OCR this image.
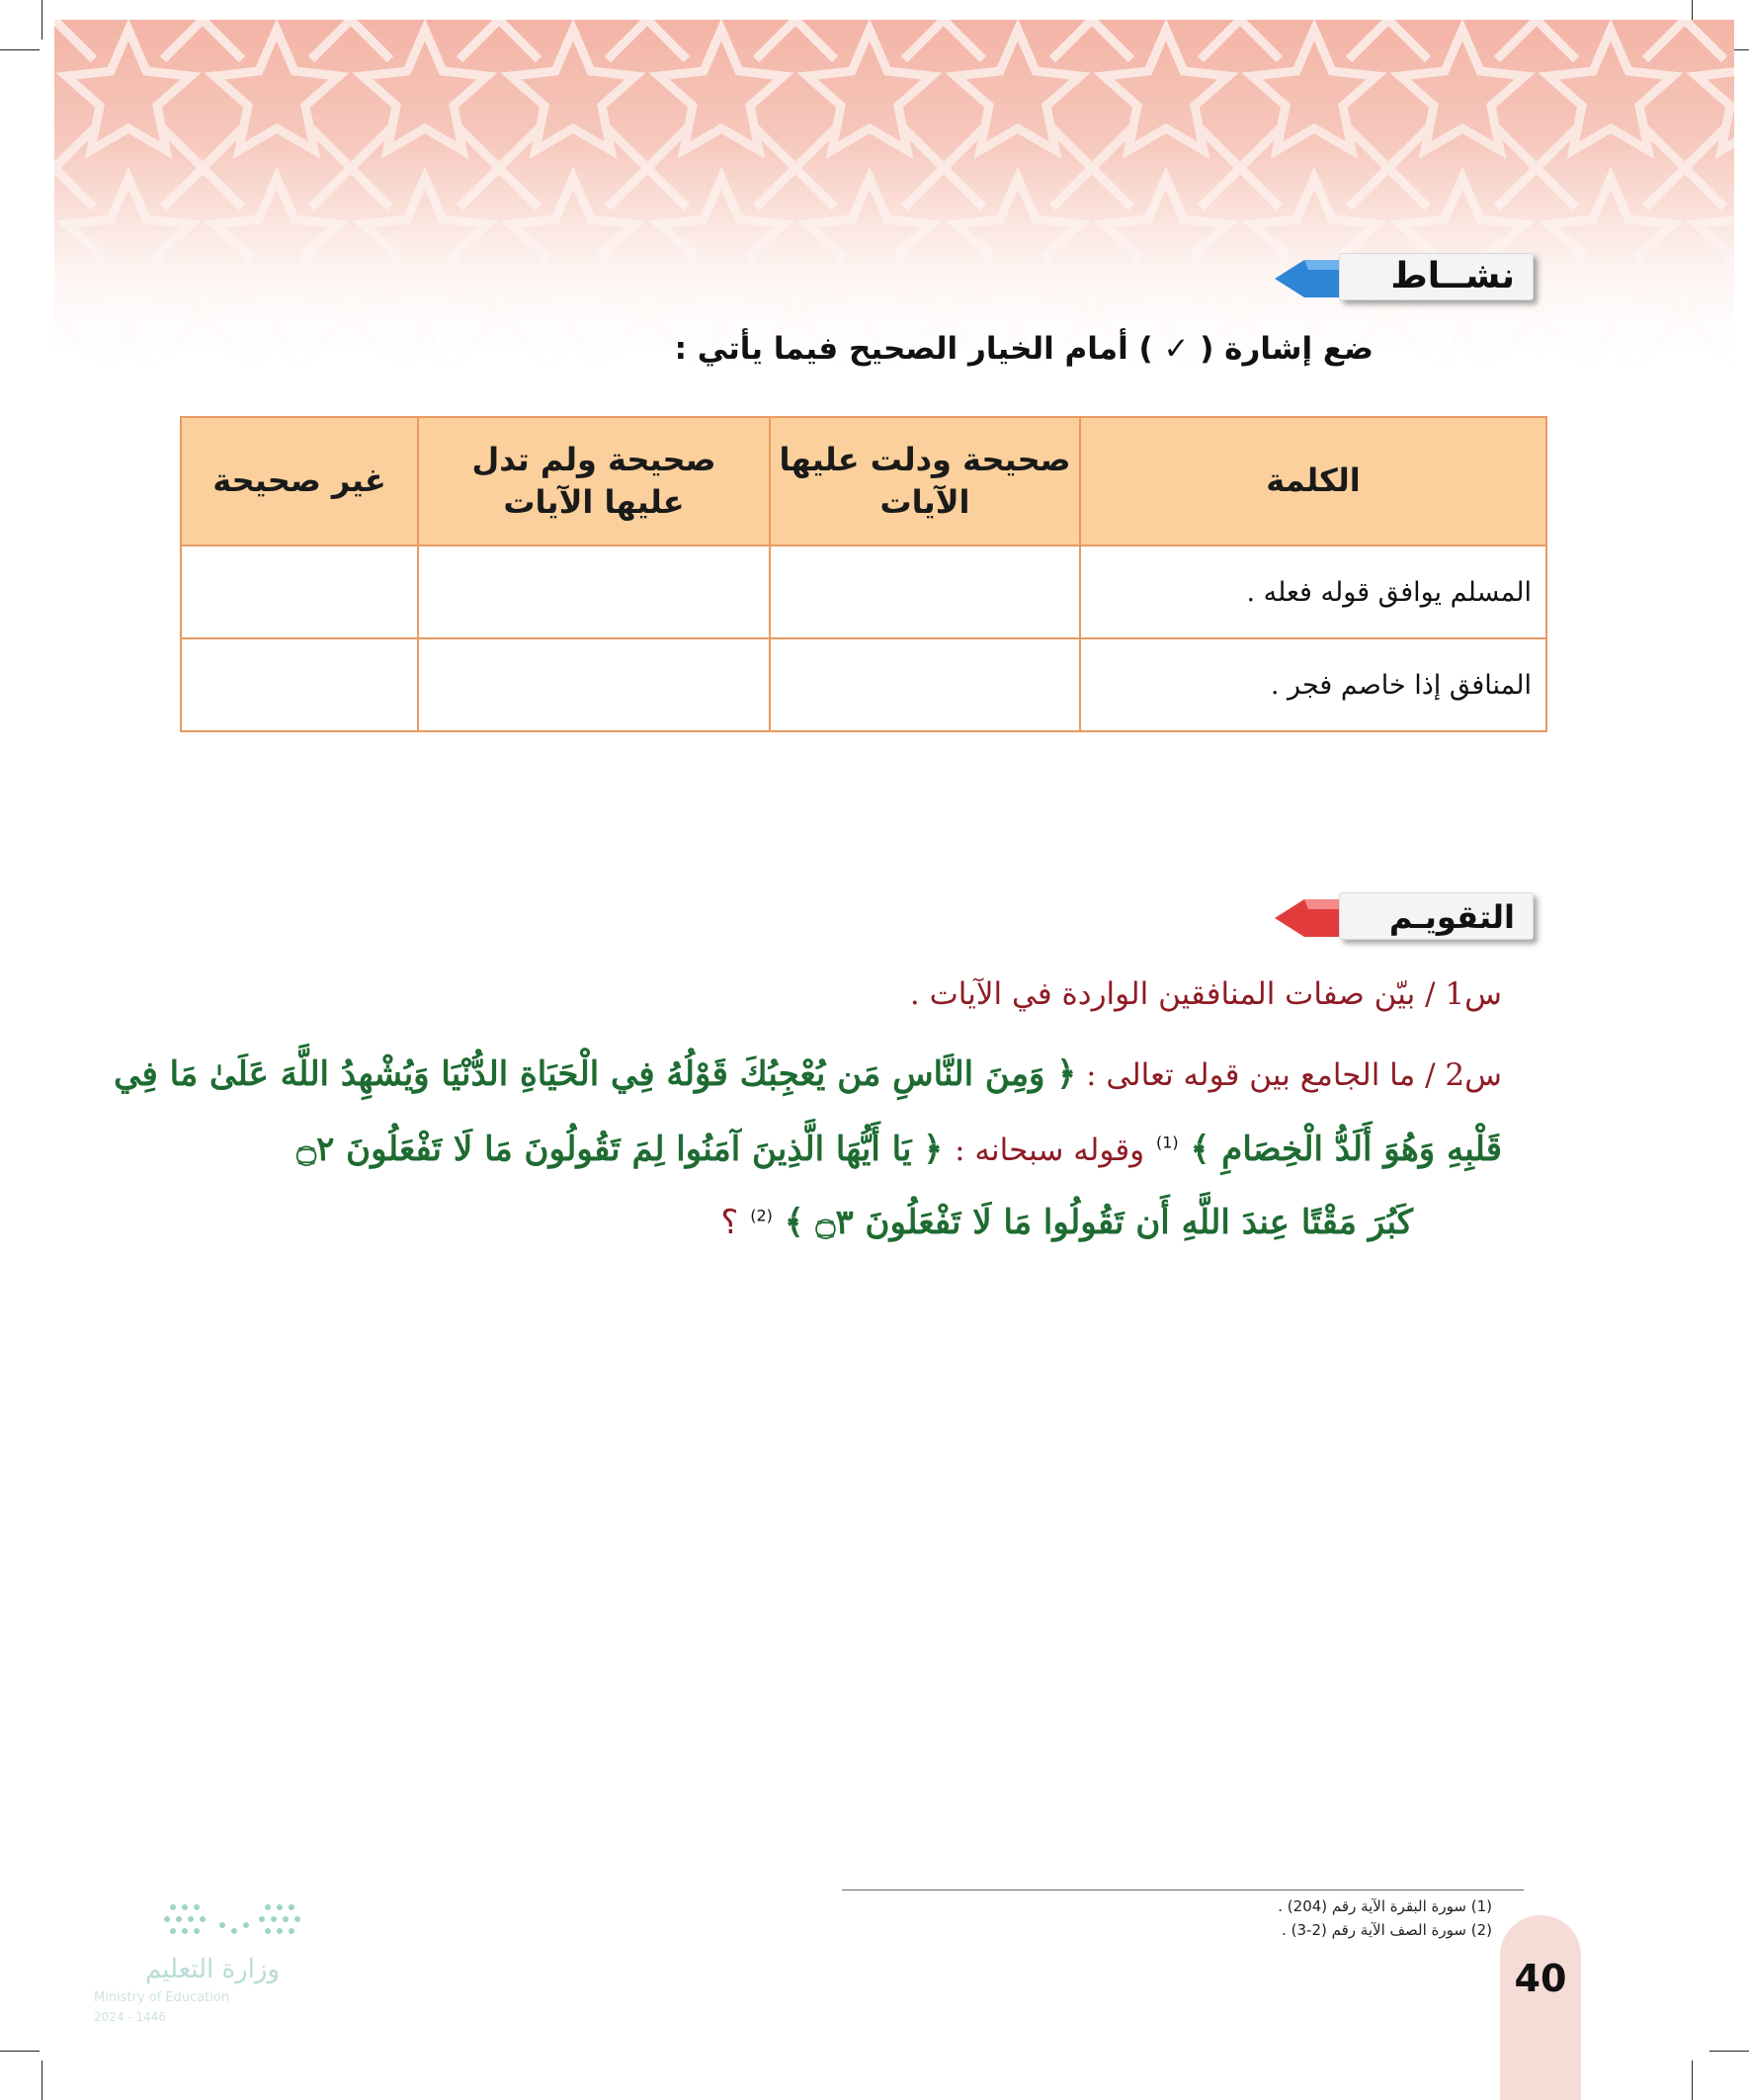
نشــاط
ضع إشارة ( ✓ ) أمام الخيار الصحيح فيما يأتي :
الكلمة	صحيحة ودلت عليها الآيات	صحيحة ولم تدل عليها الآيات	غير صحيحة
المسلم يوافق قوله فعله .			
المنافق إذا خاصم فجر .			
التقويـم
س1 / بيّن صفات المنافقين الواردة في الآيات .
س2 / ما الجامع بين قوله تعالى : ﴿ وَمِنَ النَّاسِ مَن يُعْجِبُكَ قَوْلُهُ فِي الْحَيَاةِ الدُّنْيَا وَيُشْهِدُ اللَّهَ عَلَىٰ مَا فِي
قَلْبِهِ وَهُوَ أَلَدُّ الْخِصَامِ ﴾ $^{(1)}$ وقوله سبحانه : ﴿ يَا أَيُّهَا الَّذِينَ آمَنُوا لِمَ تَقُولُونَ مَا لَا تَفْعَلُونَ ۝٢
كَبُرَ مَقْتًا عِندَ اللَّهِ أَن تَقُولُوا مَا لَا تَفْعَلُونَ ۝٣ ﴾ $^{(2)}$ ؟
(1) سورة البقرة الآية رقم (204) .
(2) سورة الصف الآية رقم (2-3) .
40
وزارة التعليم
Ministry of Education
2024 - 1446
